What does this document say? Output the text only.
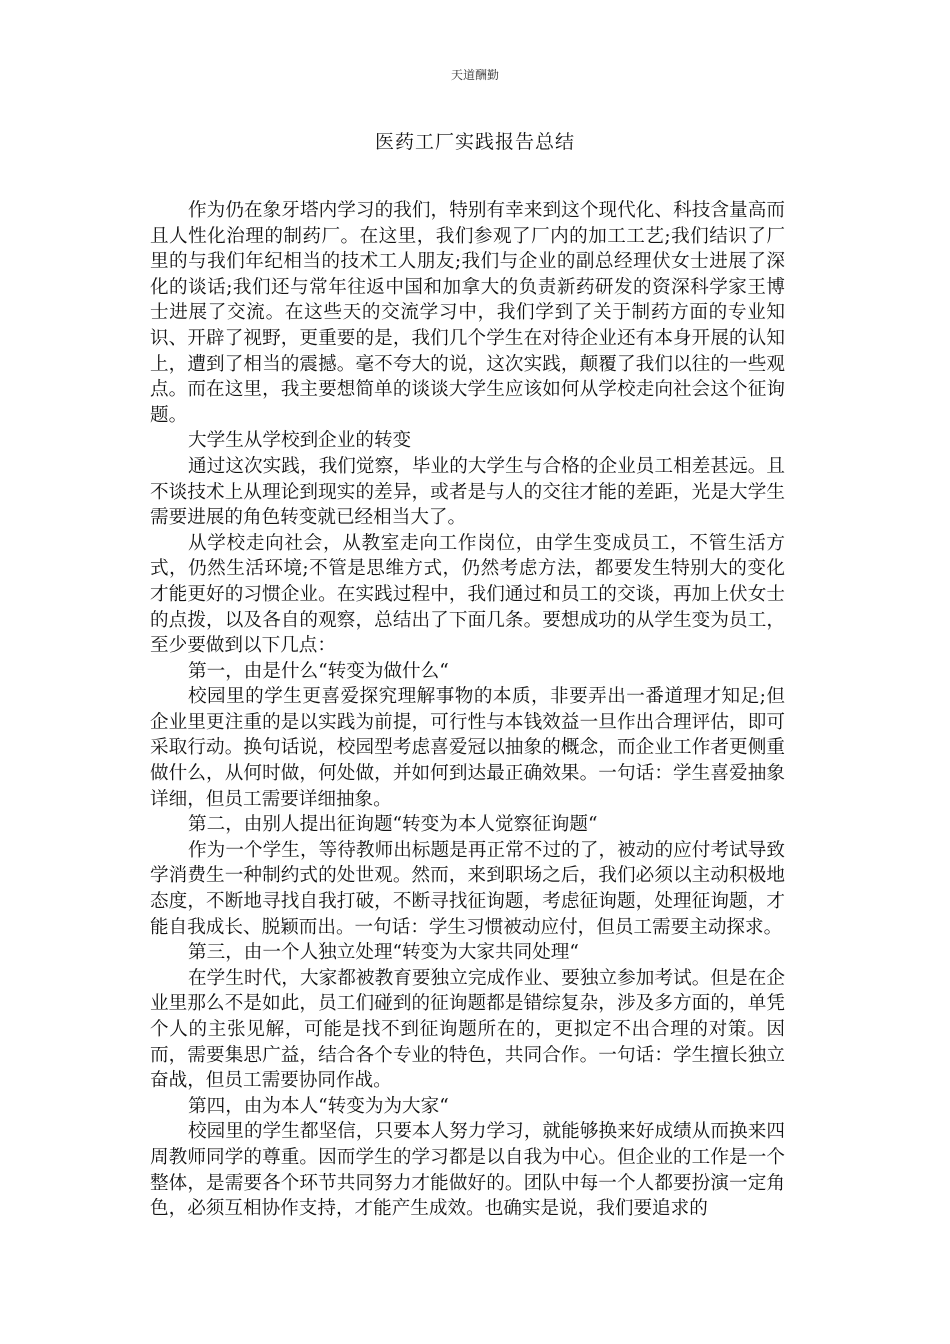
天道酬勤
医药工厂实践报告总结

作为仍在象牙塔内学习的我们，特别有幸来到这个现代化、科技含量高而且人性化治理的制药厂。在这里，我们参观了厂内的加工工艺;我们结识了厂里的与我们年纪相当的技术工人朋友;我们与企业的副总经理伏女士进展了深化的谈话;我们还与常年往返中国和加拿大的负责新药研发的资深科学家王博士进展了交流。在这些天的交流学习中，我们学到了关于制药方面的专业知识、开辟了视野，更重要的是，我们几个学生在对待企业还有本身开展的认知上，遭到了相当的震撼。毫不夸大的说，这次实践，颠覆了我们以往的一些观点。而在这里，我主要想简单的谈谈大学生应该如何从学校走向社会这个征询题。

大学生从学校到企业的转变

通过这次实践，我们觉察，毕业的大学生与合格的企业员工相差甚远。且不谈技术上从理论到现实的差异，或者是与人的交往才能的差距，光是大学生需要进展的角色转变就已经相当大了。

从学校走向社会，从教室走向工作岗位，由学生变成员工，不管生活方式，仍然生活环境;不管是思维方式，仍然考虑方法，都要发生特别大的变化才能更好的习惯企业。在实践过程中，我们通过和员工的交谈，再加上伏女士的点拨，以及各自的观察，总结出了下面几条。要想成功的从学生变为员工，至少要做到以下几点：

第一，由是什么“转变为做什么“

校园里的学生更喜爱探究理解事物的本质，非要弄出一番道理才知足;但企业里更注重的是以实践为前提，可行性与本钱效益一旦作出合理评估，即可采取行动。换句话说，校园型考虑喜爱冠以抽象的概念，而企业工作者更侧重做什么，从何时做，何处做，并如何到达最正确效果。一句话：学生喜爱抽象详细，但员工需要详细抽象。

第二，由别人提出征询题“转变为本人觉察征询题“

作为一个学生，等待教师出标题是再正常不过的了，被动的应付考试导致学消费生一种制约式的处世观。然而，来到职场之后，我们必须以主动积极地态度，不断地寻找自我打破，不断寻找征询题，考虑征询题，处理征询题，才能自我成长、脱颖而出。一句话：学生习惯被动应付，但员工需要主动探求。

第三，由一个人独立处理“转变为大家共同处理“

在学生时代，大家都被教育要独立完成作业、要独立参加考试。但是在企业里那么不是如此，员工们碰到的征询题都是错综复杂，涉及多方面的，单凭个人的主张见解，可能是找不到征询题所在的，更拟定不出合理的对策。因而，需要集思广益，结合各个专业的特色，共同合作。一句话：学生擅长独立奋战，但员工需要协同作战。

第四，由为本人“转变为为大家“

校园里的学生都坚信，只要本人努力学习，就能够换来好成绩从而换来四周教师同学的尊重。因而学生的学习都是以自我为中心。但企业的工作是一个整体，是需要各个环节共同努力才能做好的。团队中每一个人都要扮演一定角色，必须互相协作支持，才能产生成效。也确实是说，我们要追求的
